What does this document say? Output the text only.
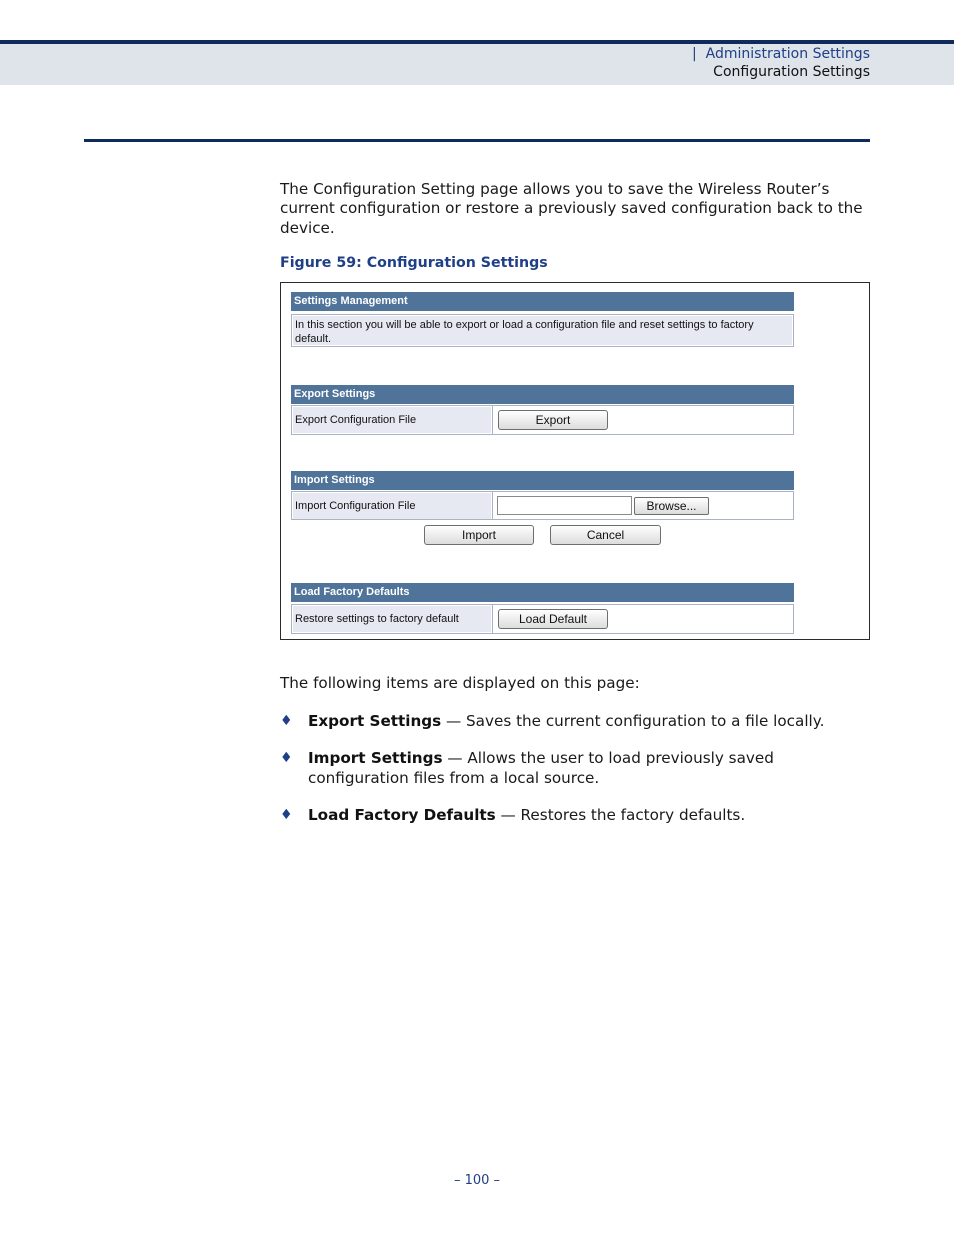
| Administration Settings
Configuration Settings
The Configuration Setting page allows you to save the Wireless Router’s current configuration or restore a previously saved configuration back to the device.
Figure 59: Configuration Settings
Settings Management
In this section you will be able to export or load a configuration file and reset settings to factory default.
Export Settings
Export Configuration File	Export
Import Settings
Import Configuration File	Browse...
Import	Cancel
Load Factory Defaults
Restore settings to factory default	Load Default
The following items are displayed on this page:
♦ Export Settings — Saves the current configuration to a file locally.
♦ Import Settings — Allows the user to load previously saved configuration files from a local source.
♦ Load Factory Defaults — Restores the factory defaults.
– 100 –
